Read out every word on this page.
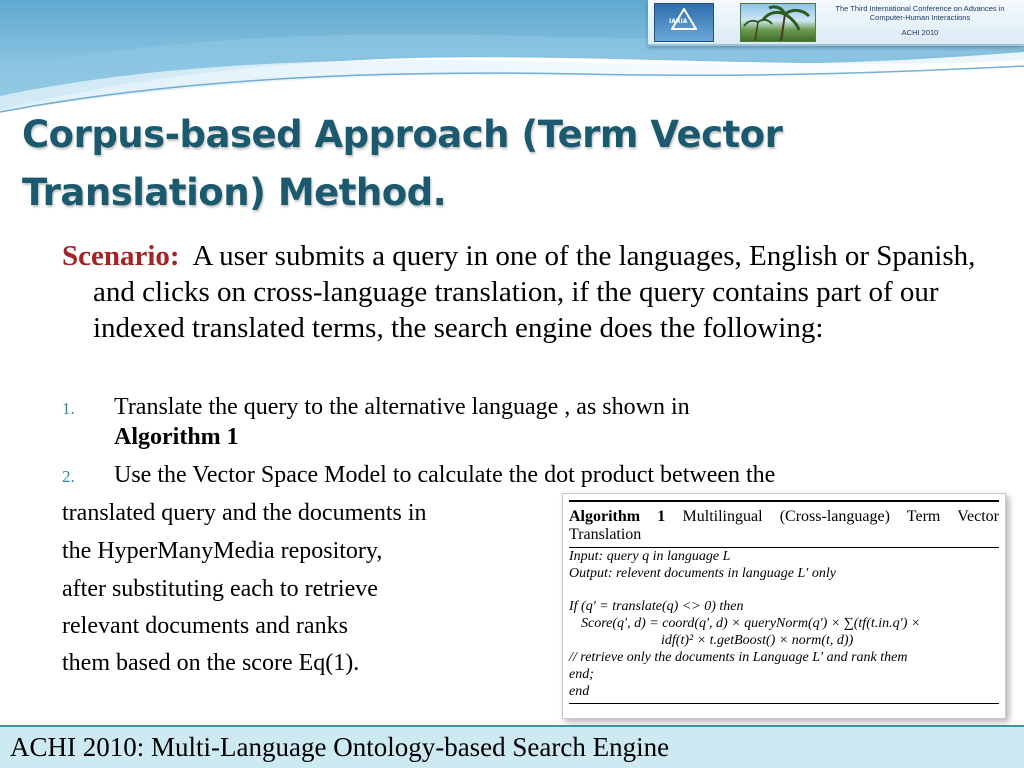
IARIA
The Third International Conference on Advances in
Computer-Human Interactions
ACHI 2010
Corpus-based Approach (Term Vector
Translation) Method.
Scenario: A user submits a query in one of the languages, English or Spanish, and clicks on cross-language translation, if the query contains part of our indexed translated terms, the search engine does the following:
1. Translate the query to the alternative language , as shown in
Algorithm 1
2. Use the Vector Space Model to calculate the dot product between the
translated query and the documents in
the HyperManyMedia repository,
after substituting each to retrieve
relevant documents and ranks
them based on the score Eq(1).
Algorithm 1 Multilingual (Cross-language) Term Vector Translation
Input: query q in language L
Output: relevent documents in language L′ only
If (q′ = translate(q) <> 0) then
Score(q′, d) = coord(q′, d) × queryNorm(q′) × ∑(tf(t.in.q′) ×
idf(t)² × t.getBoost() × norm(t, d))
// retrieve only the documents in Language L′ and rank them
end;
end
ACHI 2010: Multi-Language Ontology-based Search Engine
